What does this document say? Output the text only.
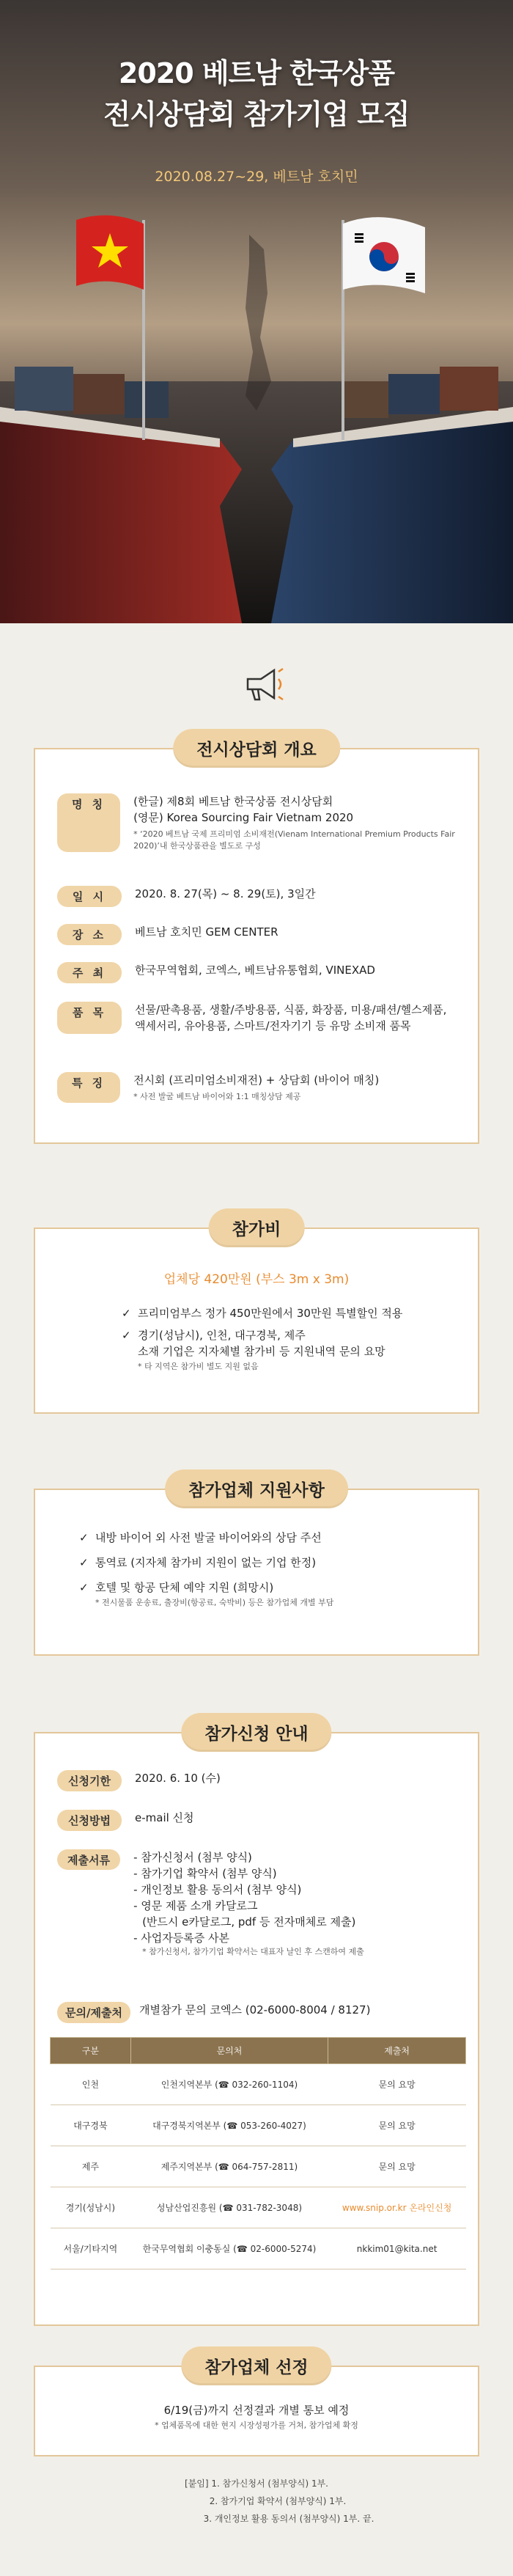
2020 베트남 한국상품
전시상담회 참가기업 모집
2020.08.27~29, 베트남 호치민
전시상담회 개요
명 칭	(한글) 제8회 베트남 한국상품 전시상담회
(영문) Korea Sourcing Fair Vietnam 2020
* ‘2020 베트남 국제 프리미엄 소비재전(Vienam International Premium Products Fair 2020)’내 한국상품관을 별도로 구성
일 시	2020. 8. 27(목) ~ 8. 29(토), 3일간
장 소	베트남 호치민 GEM CENTER
주 최	한국무역협회, 코엑스, 베트남유통협회, VINEXAD
품 목	선물/판촉용품, 생활/주방용품, 식품, 화장품, 미용/패션/헬스제품, 액세서리, 유아용품, 스마트/전자기기 등 유망 소비재 품목
특 징	전시회 (프리미엄소비재전) + 상담회 (바이어 매칭)
* 사전 발굴 베트남 바이어와 1:1 매칭상담 제공
참가비
업체당 420만원 (부스 3m x 3m)
✓ 프리미엄부스 정가 450만원에서 30만원 특별할인 적용
✓ 경기(성남시), 인천, 대구경북, 제주
소재 기업은 지자체별 참가비 등 지원내역 문의 요망
* 타 지역은 참가비 별도 지원 없음
참가업체 지원사항
✓ 내방 바이어 외 사전 발굴 바이어와의 상담 주선
✓ 통역료 (지자체 참가비 지원이 없는 기업 한정)
✓ 호텔 및 항공 단체 예약 지원 (희망시)
* 전시물품 운송료, 출장비(항공료, 숙박비) 등은 참가업체 개별 부담
참가신청 안내
신청기한	2020. 6. 10 (수)
신청방법	e-mail 신청
제출서류	- 참가신청서 (첨부 양식)
- 참가기업 확약서 (첨부 양식)
- 개인정보 활용 동의서 (첨부 양식)
- 영문 제품 소개 카달로그
(반드시 e카달로그, pdf 등 전자매체로 제출)
- 사업자등록증 사본
* 참가신청서, 참가기업 확약서는 대표자 날인 후 스캔하여 제출
문의/제출처	개별참가 문의 코엑스 (02-6000-8004 / 8127)
구분	문의처	제출처
인천	인천지역본부 (☎ 032-260-1104)	문의 요망
대구경북	대구경북지역본부 (☎ 053-260-4027)	문의 요망
제주	제주지역본부 (☎ 064-757-2811)	문의 요망
경기(성남시)	성남산업진흥원 (☎ 031-782-3048)	www.snip.or.kr 온라인신청
서울/기타지역	한국무역협회 이충동실 (☎ 02-6000-5274)	nkkim01@kita.net
참가업체 선정
6/19(금)까지 선정결과 개별 통보 예정
* 업체품목에 대한 현지 시장성평가를 거쳐, 참가업체 확정
[붙임] 1. 참가신청서 (첨부양식) 1부.
2. 참가기업 확약서 (첨부양식) 1부.
3. 개인정보 활용 동의서 (첨부양식) 1부. 끝.
